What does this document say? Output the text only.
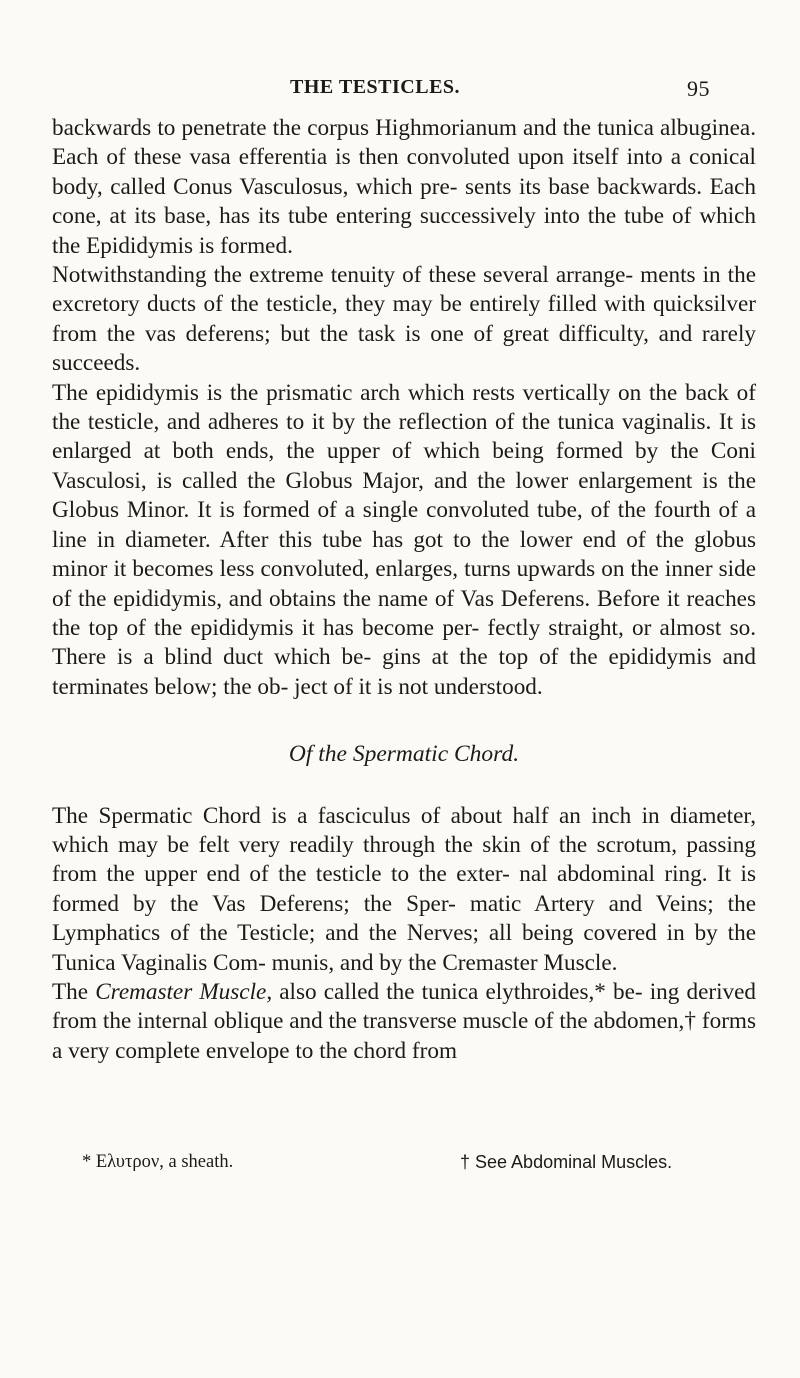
THE TESTICLES.	95

backwards to penetrate the corpus Highmorianum and the tunica albuginea. Each of these vasa efferentia is then convoluted upon itself into a conical body, called Conus Vasculosus, which pre- sents its base backwards. Each cone, at its base, has its tube entering successively into the tube of which the Epididymis is formed.

Notwithstanding the extreme tenuity of these several arrange- ments in the excretory ducts of the testicle, they may be entirely filled with quicksilver from the vas deferens; but the task is one of great difficulty, and rarely succeeds.

The epididymis is the prismatic arch which rests vertically on the back of the testicle, and adheres to it by the reflection of the tunica vaginalis. It is enlarged at both ends, the upper of which being formed by the Coni Vasculosi, is called the Globus Major, and the lower enlargement is the Globus Minor. It is formed of a single convoluted tube, of the fourth of a line in diameter. After this tube has got to the lower end of the globus minor it becomes less convoluted, enlarges, turns upwards on the inner side of the epididymis, and obtains the name of Vas Deferens. Before it reaches the top of the epididymis it has become per- fectly straight, or almost so. There is a blind duct which be- gins at the top of the epididymis and terminates below; the ob- ject of it is not understood.

Of the Spermatic Chord.

The Spermatic Chord is a fasciculus of about half an inch in diameter, which may be felt very readily through the skin of the scrotum, passing from the upper end of the testicle to the exter- nal abdominal ring. It is formed by the Vas Deferens; the Sper- matic Artery and Veins; the Lymphatics of the Testicle; and the Nerves; all being covered in by the Tunica Vaginalis Com- munis, and by the Cremaster Muscle.

The Cremaster Muscle, also called the tunica elythroides,* be- ing derived from the internal oblique and the transverse muscle of the abdomen,† forms a very complete envelope to the chord from

* Ελυτρον, a sheath.	† See Abdominal Muscles.
